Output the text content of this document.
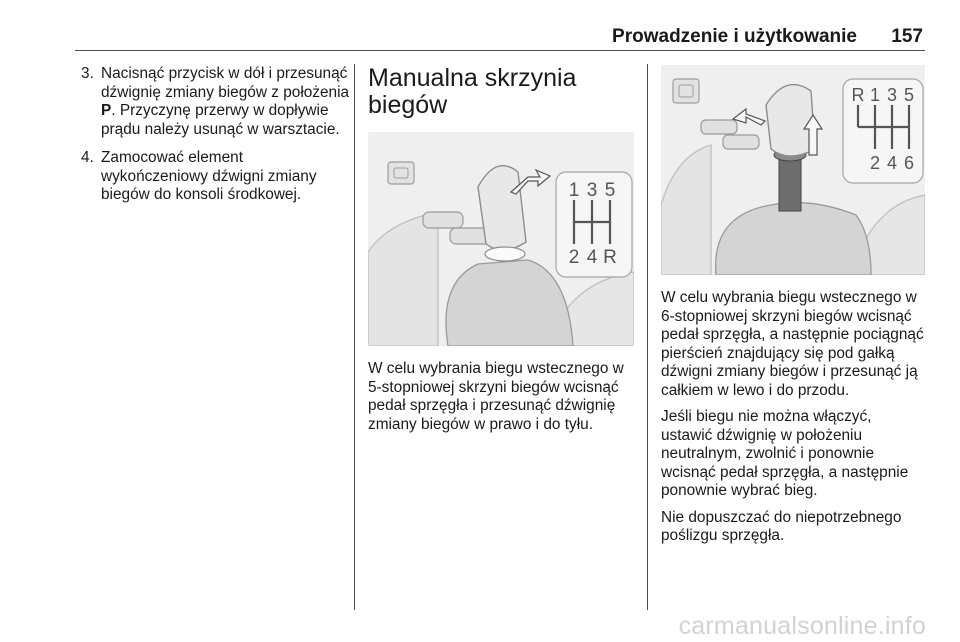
Prowadzenie i użytkowanie 157
3. Nacisnąć przycisk w dół i przesunąć dźwignię zmiany biegów z położenia P. Przyczynę przerwy w dopływie prądu należy usunąć w warsztacie.
4. Zamocować element wykończeniowy dźwigni zmiany biegów do konsoli środkowej.
Manualna skrzynia biegów
1 3 5
2 4 R

W celu wybrania biegu wstecznego w 5-stopniowej skrzyni biegów wcisnąć pedał sprzęgła i przesunąć dźwignię zmiany biegów w prawo i do tyłu.

R 1 3 5
2 4 6

W celu wybrania biegu wstecznego w 6-stopniowej skrzyni biegów wcisnąć pedał sprzęgła, a następnie pociągnąć pierścień znajdujący się pod gałką dźwigni zmiany biegów i przesunąć ją całkiem w lewo i do przodu.

Jeśli biegu nie można włączyć, ustawić dźwignię w położeniu neutralnym, zwolnić i ponownie wcisnąć pedał sprzęgła, a następnie ponownie wybrać bieg.

Nie dopuszczać do niepotrzebnego poślizgu sprzęgła.

carmanualsonline.info
